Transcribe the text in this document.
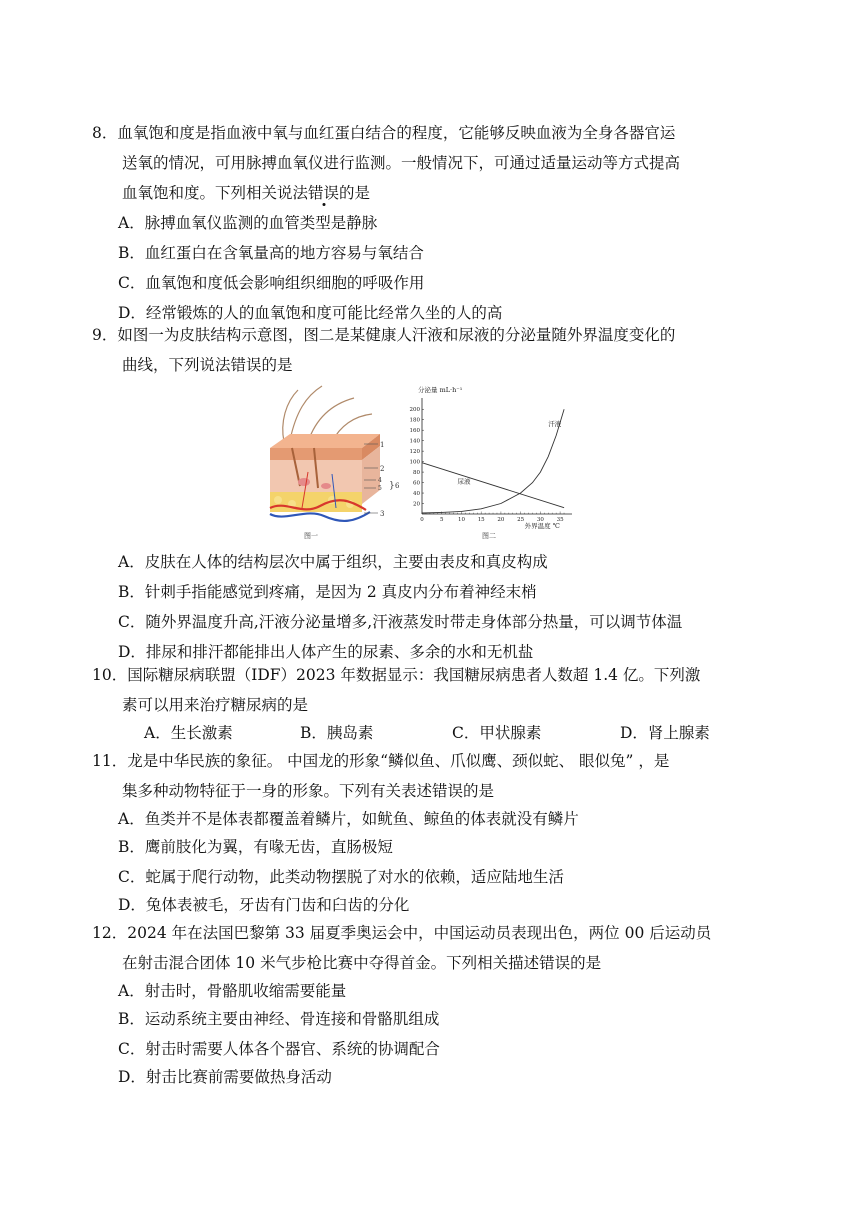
8．血氧饱和度是指血液中氧与血红蛋白结合的程度，它能够反映血液为全身各器官运
送氧的情况，可用脉搏血氧仪进行监测。一般情况下，可通过适量运动等方式提高
血氧饱和度。下列相关说法错误的是
A．脉搏血氧仪监测的血管类型是静脉
B．血红蛋白在含氧量高的地方容易与氧结合
C．血氧饱和度低会影响组织细胞的呼吸作用
D．经常锻炼的人的血氧饱和度可能比经常久坐的人的高
9．如图一为皮肤结构示意图，图二是某健康人汗液和尿液的分泌量随外界温度变化的
曲线，下列说法错误的是
1
2
4
5 } 6
3
图一
分泌量 mL·h⁻¹
20
40
60
80
100
120
140
160
180
200
0	5	10 15 20 25 30 35
汗液
尿液
外界温度 ℃
图二
A．皮肤在人体的结构层次中属于组织，主要由表皮和真皮构成
B．针刺手指能感觉到疼痛，是因为 2 真皮内分布着神经末梢
C．随外界温度升高,汗液分泌量增多,汗液蒸发时带走身体部分热量，可以调节体温
D．排尿和排汗都能排出人体产生的尿素、多余的水和无机盐
10．国际糖尿病联盟（IDF）2023 年数据显示：我国糖尿病患者人数超 1.4 亿。下列激
素可以用来治疗糖尿病的是
A．生长激素	B．胰岛素	C．甲状腺素	D．肾上腺素
11．龙是中华民族的象征。 中国龙的形象“鳞似鱼、爪似鹰、颈似蛇、 眼似兔” ，是
集多种动物特征于一身的形象。下列有关表述错误的是
A．鱼类并不是体表都覆盖着鳞片，如鱿鱼、鲸鱼的体表就没有鳞片
B．鹰前肢化为翼，有喙无齿，直肠极短
C．蛇属于爬行动物，此类动物摆脱了对水的依赖，适应陆地生活
D．兔体表被毛，牙齿有门齿和臼齿的分化
12．2024 年在法国巴黎第 33 届夏季奥运会中，中国运动员表现出色，两位 00 后运动员
在射击混合团体 10 米气步枪比赛中夺得首金。下列相关描述错误的是
A．射击时，骨骼肌收缩需要能量
B．运动系统主要由神经、骨连接和骨骼肌组成
C．射击时需要人体各个器官、系统的协调配合
D．射击比赛前需要做热身活动
